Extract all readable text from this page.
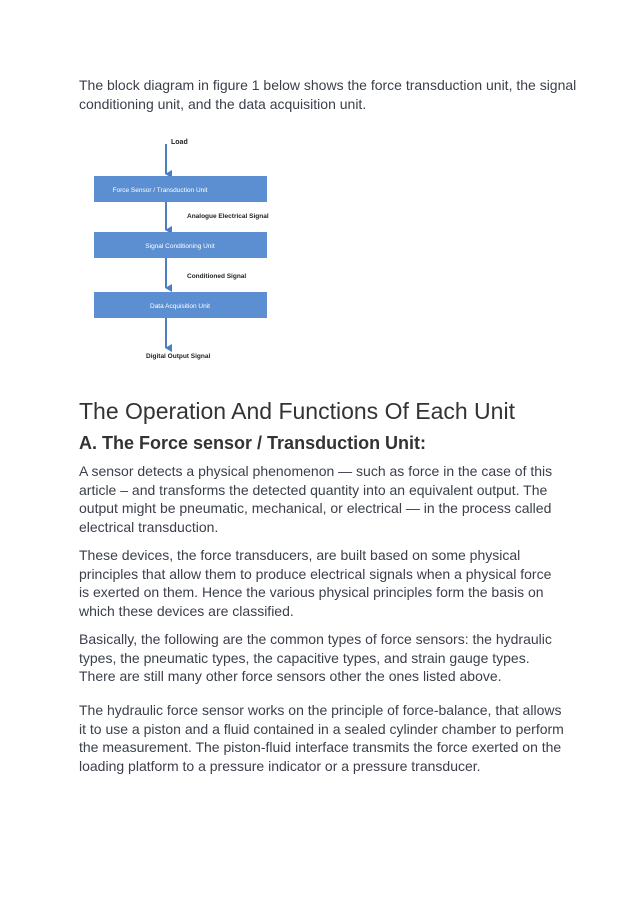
The block diagram in figure 1 below shows the force transduction unit, the signal conditioning unit, and the data acquisition unit.

Load
Force Sensor / Transduction Unit
Signal Conditioning Unit
Data Acquisition Unit
Analogue Electrical Signal
Conditioned Signal
Digital Output Signal
The Operation And Functions Of Each Unit
A. The Force sensor / Transduction Unit:

A sensor detects a physical phenomenon — such as force in the case of this article – and transforms the detected quantity into an equivalent output. The output might be pneumatic, mechanical, or electrical — in the process called electrical transduction.

These devices, the force transducers, are built based on some physical principles that allow them to produce electrical signals when a physical force is exerted on them. Hence the various physical principles form the basis on which these devices are classified.

Basically, the following are the common types of force sensors: the hydraulic types, the pneumatic types, the capacitive types, and strain gauge types. There are still many other force sensors other the ones listed above.

The hydraulic force sensor works on the principle of force-balance, that allows it to use a piston and a fluid contained in a sealed cylinder chamber to perform the measurement. The piston-fluid interface transmits the force exerted on the loading platform to a pressure indicator or a pressure transducer.
